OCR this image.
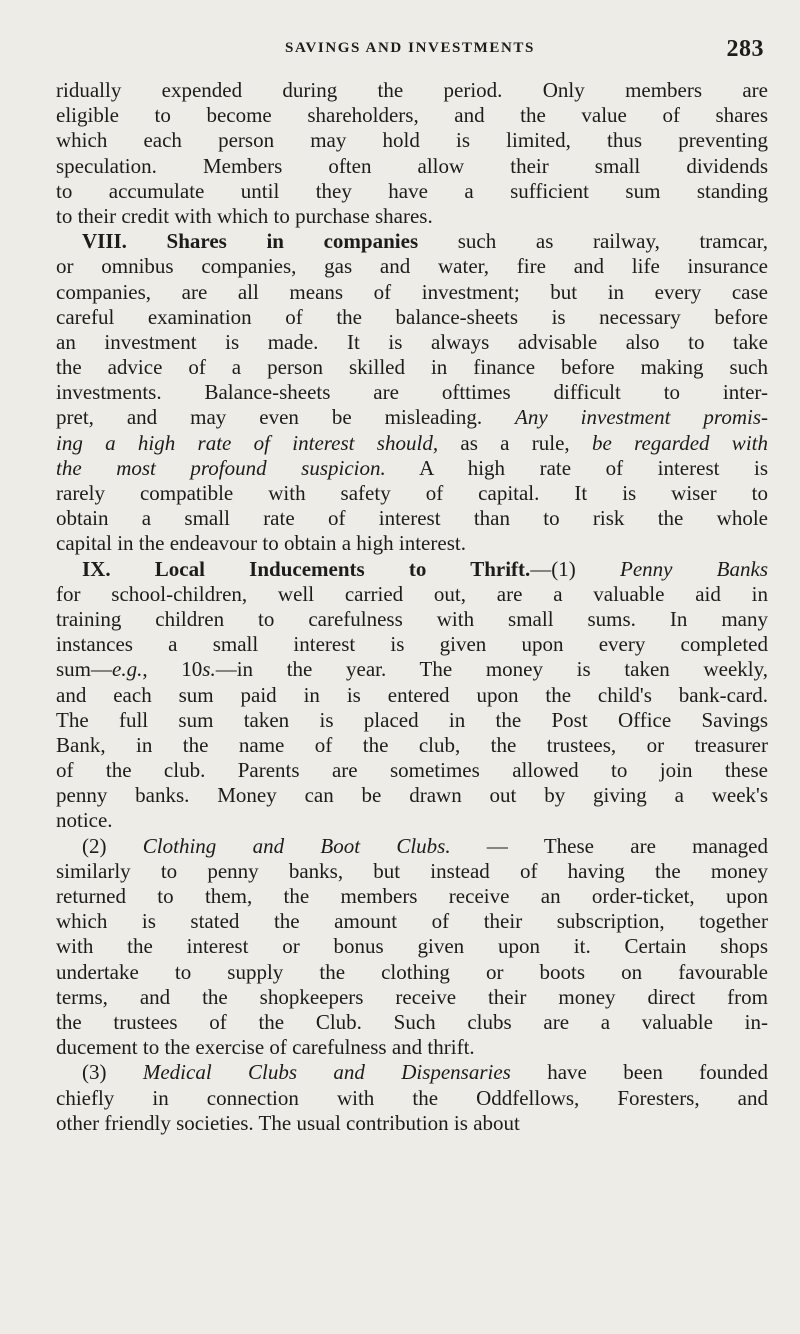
SAVINGS AND INVESTMENTS	283
ridually expended during the period. Only members are
eligible to become shareholders, and the value of shares
which each person may hold is limited, thus preventing
speculation. Members often allow their small dividends
to accumulate until they have a sufficient sum standing
to their credit with which to purchase shares.
VIII. Shares in companies such as railway, tramcar,
or omnibus companies, gas and water, fire and life insurance
companies, are all means of investment; but in every case
careful examination of the balance-sheets is necessary before
an investment is made. It is always advisable also to take
the advice of a person skilled in finance before making such
investments. Balance-sheets are ofttimes difficult to inter-
pret, and may even be misleading. Any investment promis-
ing a high rate of interest should, as a rule, be regarded with
the most profound suspicion. A high rate of interest is
rarely compatible with safety of capital. It is wiser to
obtain a small rate of interest than to risk the whole
capital in the endeavour to obtain a high interest.
IX. Local Inducements to Thrift.—(1) Penny Banks
for school-children, well carried out, are a valuable aid in
training children to carefulness with small sums. In many
instances a small interest is given upon every completed
sum—e.g., 10s.—in the year. The money is taken weekly,
and each sum paid in is entered upon the child's bank-card.
The full sum taken is placed in the Post Office Savings
Bank, in the name of the club, the trustees, or treasurer
of the club. Parents are sometimes allowed to join these
penny banks. Money can be drawn out by giving a week's
notice.
(2) Clothing and Boot Clubs. — These are managed
similarly to penny banks, but instead of having the money
returned to them, the members receive an order-ticket, upon
which is stated the amount of their subscription, together
with the interest or bonus given upon it. Certain shops
undertake to supply the clothing or boots on favourable
terms, and the shopkeepers receive their money direct from
the trustees of the Club. Such clubs are a valuable in-
ducement to the exercise of carefulness and thrift.
(3) Medical Clubs and Dispensaries have been founded
chiefly in connection with the Oddfellows, Foresters, and
other friendly societies. The usual contribution is about
